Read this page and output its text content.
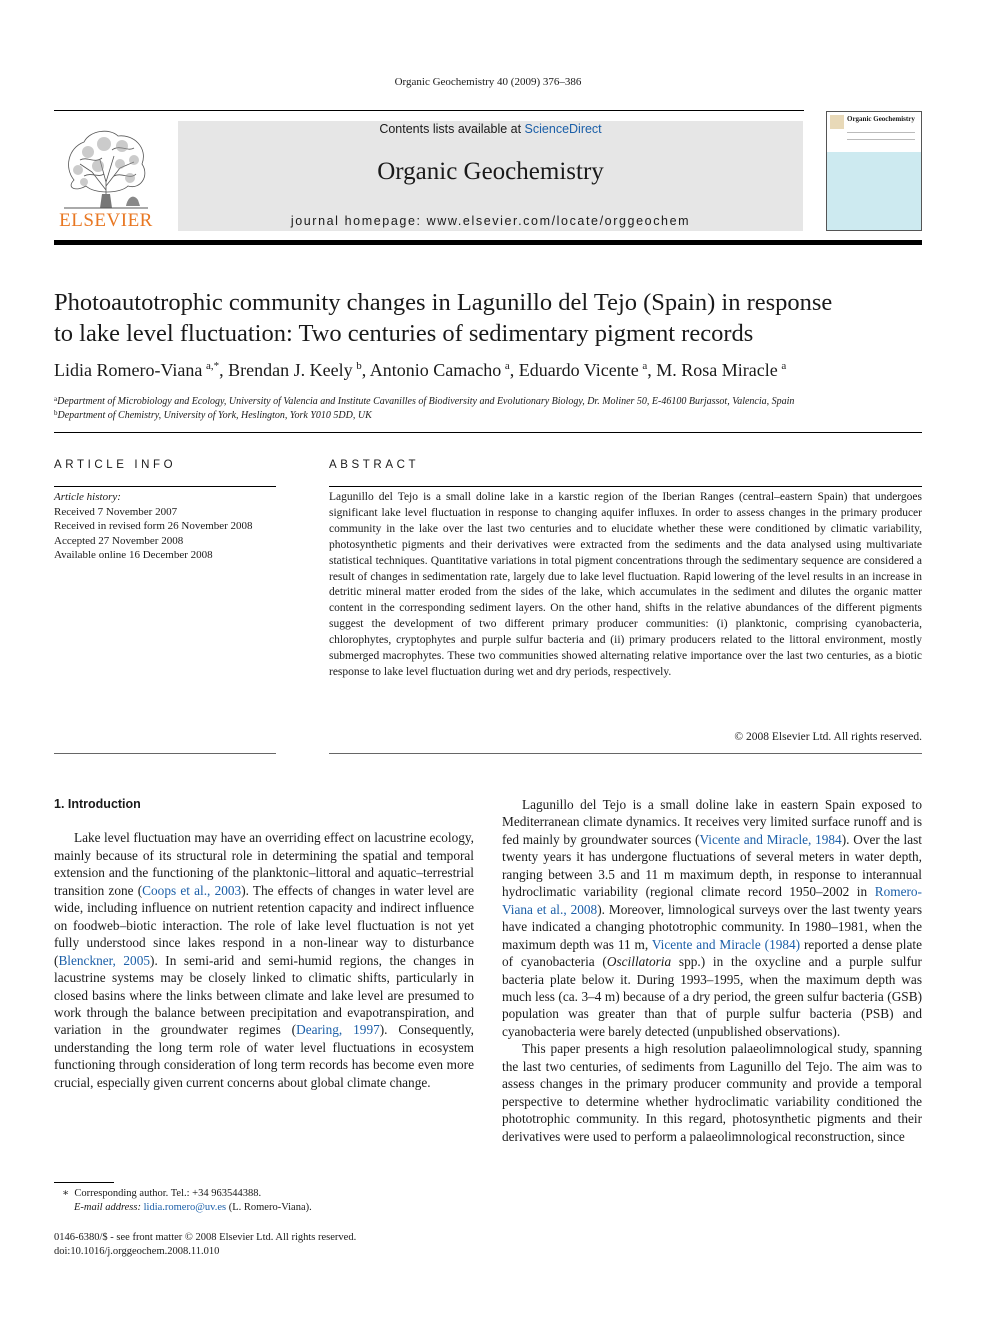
Organic Geochemistry 40 (2009) 376–386
ELSEVIER
Contents lists available at ScienceDirect
Organic Geochemistry
journal homepage: www.elsevier.com/locate/orggeochem
Organic Geochemistry
Photoautotrophic community changes in Lagunillo del Tejo (Spain) in response
to lake level fluctuation: Two centuries of sedimentary pigment records
Lidia Romero-Viana  $^{a,*}$, Brendan J. Keely  $^b$, Antonio Camacho  $^a$, Eduardo Vicente  $^a$, M. Rosa Miracle  $^a$
$^a$Department of Microbiology and Ecology, University of Valencia and Institute Cavanilles of Biodiversity and Evolutionary Biology, Dr. Moliner 50, E-46100 Burjassot, Valencia, Spain
$^b$Department of Chemistry, University of York, Heslington, York Y010 5DD, UK
ARTICLE INFO	ABSTRACT
Article history:
Received 7 November 2007
Received in revised form 26 November 2008
Accepted 27 November 2008
Available online 16 December 2008
Lagunillo del Tejo is a small doline lake in a karstic region of the Iberian Ranges (central–eastern Spain) that undergoes significant lake level fluctuation in response to changing aquifer influxes. In order to assess changes in the primary producer community in the lake over the last two centuries and to elucidate whether these were conditioned by climatic variability, photosynthetic pigments and their derivatives were extracted from the sediments and the data analysed using multivariate statistical techniques. Quantitative variations in total pigment concentrations through the sedimentary sequence are considered a result of changes in sedimentation rate, largely due to lake level fluctuation. Rapid lowering of the level results in an increase in detritic mineral matter eroded from the sides of the lake, which accumulates in the sediment and dilutes the organic matter content in the corresponding sediment layers. On the other hand, shifts in the relative abundances of the different pigments suggest the development of two different primary producer communities: (i) planktonic, comprising cyanobacteria, chlorophytes, cryptophytes and purple sulfur bacteria and (ii) primary producers related to the littoral environment, mostly submerged macrophytes. These two communities showed alternating relative importance over the last two centuries, as a biotic response to lake level fluctuation during wet and dry periods, respectively.
© 2008 Elsevier Ltd. All rights reserved.
1. Introduction

Lake level fluctuation may have an overriding effect on lacustrine ecology, mainly because of its structural role in determining the spatial and temporal extension and the functioning of the planktonic–littoral and aquatic–terrestrial transition zone (Coops et al., 2003). The effects of changes in water level are wide, including influence on nutrient retention capacity and indirect influence on foodweb–biotic interaction. The role of lake level fluctuation is not yet fully understood since lakes respond in a non-linear way to disturbance (Blenckner, 2005). In semi-arid and semi-humid regions, the changes in lacustrine systems may be closely linked to climatic shifts, particularly in closed basins where the links between climate and lake level are presumed to work through the balance between precipitation and evapotranspiration, and variation in the groundwater regimes (Dearing, 1997). Consequently, understanding the long term role of water level fluctuations in ecosystem functioning through consideration of long term records has become even more crucial, especially given current concerns about global climate change.

Lagunillo del Tejo is a small doline lake in eastern Spain exposed to Mediterranean climate dynamics. It receives very limited surface runoff and is fed mainly by groundwater sources (Vicente and Miracle, 1984). Over the last twenty years it has undergone fluctuations of several meters in water depth, ranging between 3.5 and 11 m maximum depth, in response to interannual hydroclimatic variability (regional climate record 1950–2002 in Romero-Viana et al., 2008). Moreover, limnological surveys over the last twenty years have indicated a changing phototrophic community. In 1980–1981, when the maximum depth was 11 m, Vicente and Miracle (1984) reported a dense plate of cyanobacteria (Oscillatoria spp.) in the oxycline and a purple sulfur bacteria plate below it. During 1993–1995, when the maximum depth was much less (ca. 3–4 m) because of a dry period, the green sulfur bacteria (GSB) population was greater than that of purple sulfur bacteria (PSB) and cyanobacteria were barely detected (unpublished observations).

This paper presents a high resolution palaeolimnological study, spanning the last two centuries, of sediments from Lagunillo del Tejo. The aim was to assess changes in the primary producer community and provide a temporal perspective to determine whether hydroclimatic variability conditioned the phototrophic community. In this regard, photosynthetic pigments and their derivatives were used to perform a palaeolimnological reconstruction, since

∗  Corresponding author. Tel.: +34 963544388.
E-mail address: lidia.romero@uv.es (L. Romero-Viana).
0146-6380/$ - see front matter © 2008 Elsevier Ltd. All rights reserved.
doi:10.1016/j.orggeochem.2008.11.010
